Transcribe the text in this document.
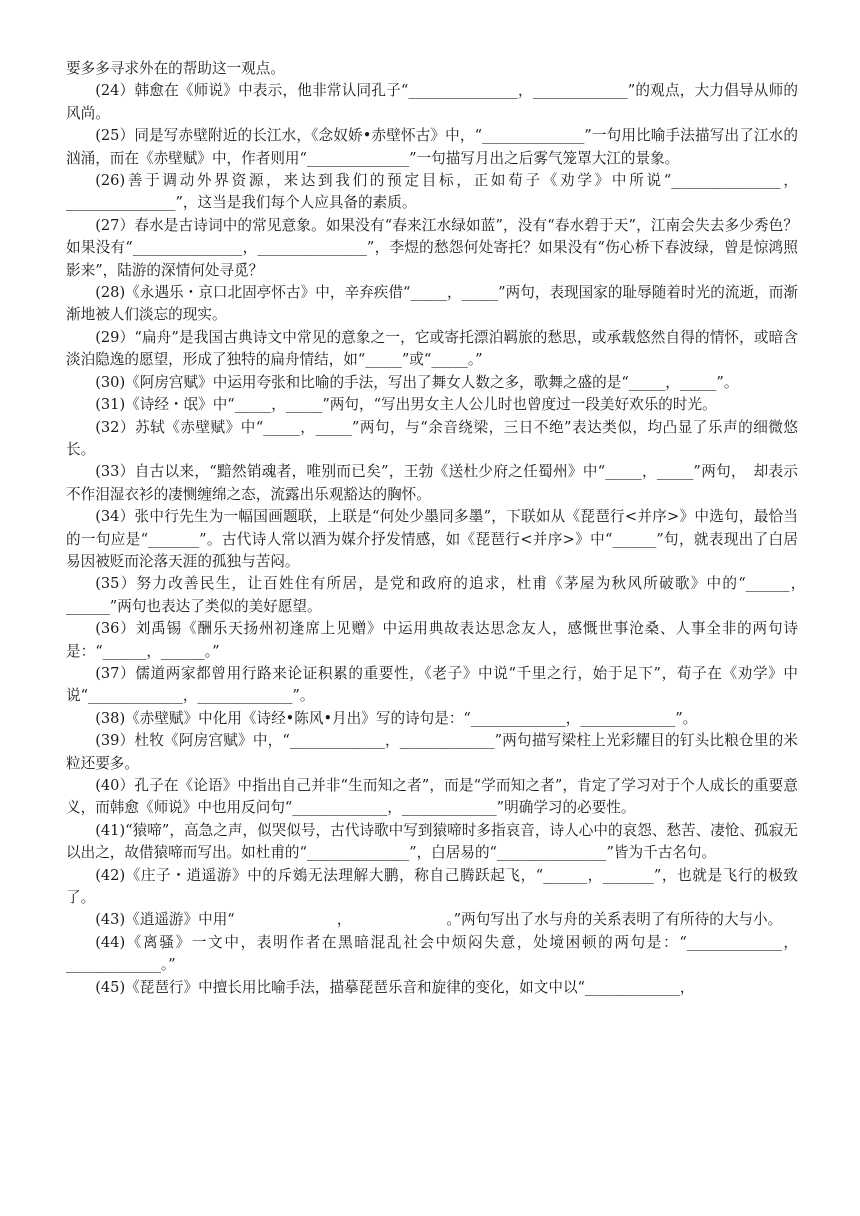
要多多寻求外在的帮助这一观点。

(24）韩愈在《师说》中表示，他非常认同孔子“_______________，_____________”的观点，大力倡导从师的风尚。

(25）同是写赤壁附近的长江水，《念奴娇•赤壁怀古》中，“______________”一句用比喻手法描写出了江水的汹涌，而在《赤壁赋》中，作者则用“______________”一句描写月出之后雾气笼罩大江的景象。

(26)善于调动外界资源，来达到我们的预定目标，正如荀子《劝学》中所说“_______________，_______________”，这当是我们每个人应具备的素质。

(27）春水是古诗词中的常见意象。如果没有“春来江水绿如蓝”，没有“春水碧于天”，江南会失去多少秀色？如果没有“_______________，_______________”，李煜的愁怨何处寄托？如果没有“伤心桥下春波绿，曾是惊鸿照影来”，陆游的深情何处寻觅？

(28)《永遇乐・京口北固亭怀古》中，辛弃疾借“_____，_____”两句，表现国家的耻辱随着时光的流逝，而渐渐地被人们淡忘的现实。

(29）“扁舟”是我国古典诗文中常见的意象之一，它或寄托漂泊羁旅的愁思，或承载悠然自得的情怀，或暗含淡泊隐逸的愿望，形成了独特的扁舟情结，如“_____”或“_____。”

(30)《阿房宫赋》中运用夸张和比喻的手法，写出了舞女人数之多，歌舞之盛的是“_____，_____”。

(31)《诗经・氓》中“_____，_____”两句，“写出男女主人公儿时也曾度过一段美好欢乐的时光。

(32）苏轼《赤壁赋》中“_____，_____”两句，与“余音绕梁，三日不绝”表达类似，均凸显了乐声的细微悠长。

(33）自古以来，“黯然销魂者，唯别而已矣”，王勃《送杜少府之任蜀州》中“_____，_____”两句，　却表示不作泪湿衣衫的凄恻缠绵之态，流露出乐观豁达的胸怀。

(34）张中行先生为一幅国画题联，上联是“何处少墨同多墨”，下联如从《琵琶行<并序>》中选句，最恰当的一句应是“_______”。古代诗人常以酒为媒介抒发情感，如《琵琶行<并序>》中“______”句，就表现出了白居易因被贬而沦落天涯的孤独与苦闷。

(35）努力改善民生，让百姓住有所居，是党和政府的追求，杜甫《茅屋为秋风所破歌》中的“______，　______”两句也表达了类似的美好愿望。

(36）刘禹锡《酬乐天扬州初逢席上见赠》中运用典故表达思念友人，感慨世事沧桑、人事全非的两句诗是：“______，______。”

(37）儒道两家都曾用行路来论证积累的重要性，《老子》中说“千里之行，始于足下”，荀子在《劝学》中说“_____________，_____________”。

(38)《赤壁赋》中化用《诗经•陈风•月出》写的诗句是：“_____________，_____________”。

(39）杜牧《阿房宫赋》中，“_____________，_____________”两句描写梁柱上光彩耀目的钉头比粮仓里的米粒还要多。

(40）孔子在《论语》中指出自己并非“生而知之者”，而是“学而知之者”，肯定了学习对于个人成长的重要意义，而韩愈《师说》中也用反问句“_____________，_____________”明确学习的必要性。

(41)“猿啼”，高急之声，似哭似号，古代诗歌中写到猿啼时多指哀音，诗人心中的哀怨、愁苦、凄怆、孤寂无以出之，故借猿啼而写出。如杜甫的“______________”，白居易的“_______________”皆为千古名句。

(42)《庄子・逍遥游》中的斥鴳无法理解大鹏，称自己腾跃起飞，“______，_______”，也就是飞行的极致了。

(43)《逍遥游》中用“　　　　　　　，　　　　　　　。”两句写出了水与舟的关系表明了有所待的大与小。

(44)《离骚》一文中，表明作者在黑暗混乱社会中烦闷失意，处境困顿的两句是：“_____________，_____________。”

(45)《琵琶行》中擅长用比喻手法，描摹琵琶乐音和旋律的变化，如文中以“_____________，
